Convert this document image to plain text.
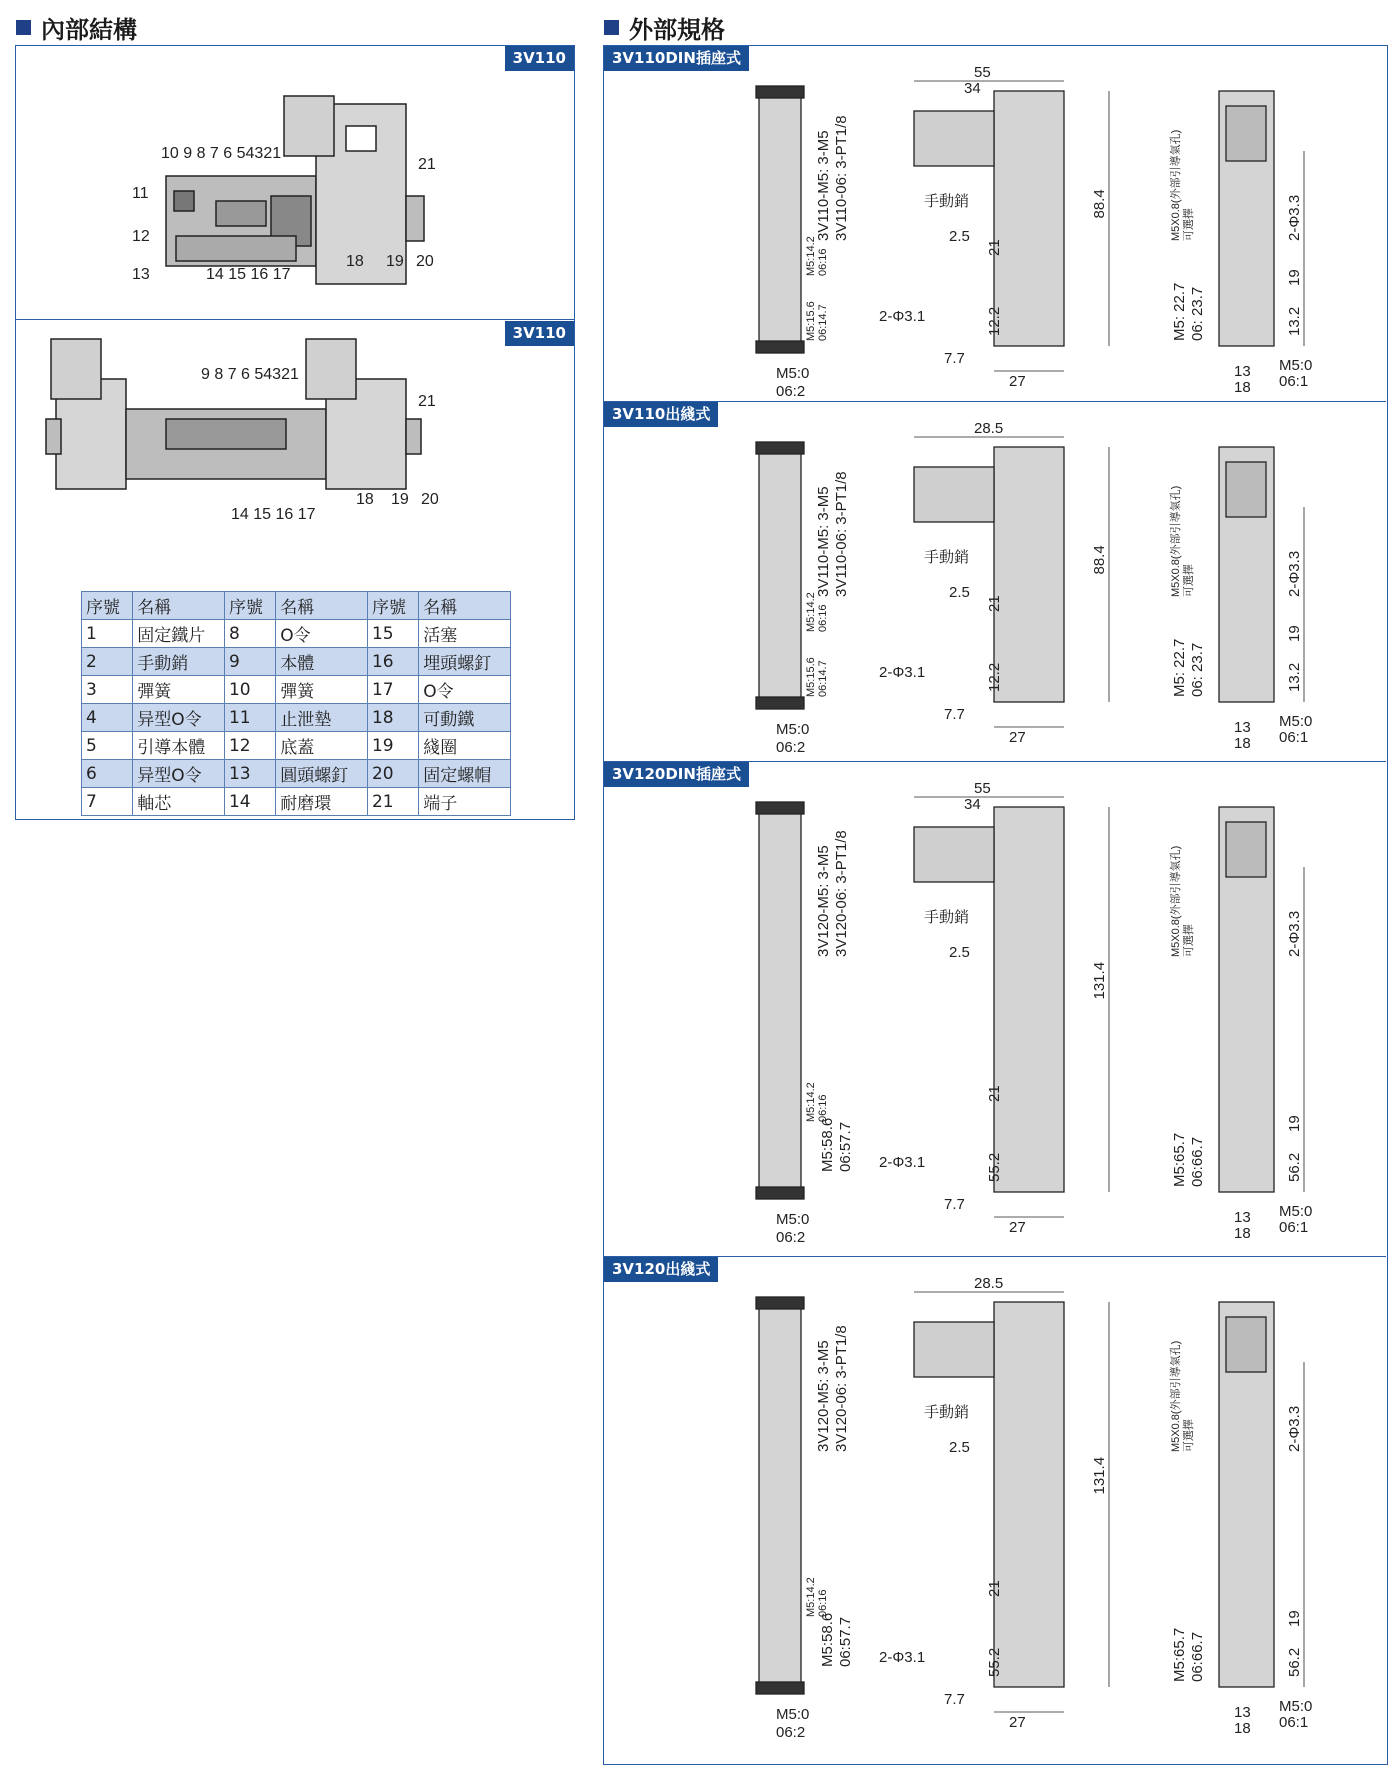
內部結構
3V110
3V110
10 9 8 7 6 54321
11
12
13	14 15 16 17
21
18 19 20
9 8 7 6 54321
14 15 16 17
21
18 19 20
序號	名稱	序號	名稱	序號	名稱
1	固定鐵片	8	O令	15	活塞
2	手動銷	9	本體	16	埋頭螺釘
3	彈簧	10	彈簧	17	O令
4	异型O令	11	止泄墊	18	可動鐵
5	引導本體	12	底蓋	19	綫圈
6	异型O令	13	圓頭螺釘	20	固定螺帽
7	軸芯	14	耐磨環	21	端子
外部規格
3V110DIN插座式
3V110-M5: 3-M5 3V110-06: 3-PT1/8
M5:15.6 06:14.7
M5:14.2 06:16
M5:0
06:2
55
34
88.4
21
12.2
2.5
7.7
27
2-Φ3.1
手動銷	M5X0.8(外部引導氣孔) 可選擇	2-Φ3.3
19
13.2
M5: 22.7 06: 23.7
13
18
M5:0
06:1
3V110出綫式
3V110-M5: 3-M5 3V110-06: 3-PT1/8
M5:15.6 06:14.7
M5:14.2 06:16
M5:0
06:2
28.5
88.4
21
12.2
2.5
7.7
27
2-Φ3.1
手動銷	M5X0.8(外部引導氣孔) 可選擇	2-Φ3.3
19
13.2
M5: 22.7 06: 23.7
13
18
M5:0
06:1
3V120DIN插座式
3V120-M5: 3-M5 3V120-06: 3-PT1/8
M5:14.2 06:16
M5:58.6 06:57.7
M5:0
06:2
55
34
131.4
21
55.2
2.5
7.7
27
2-Φ3.1
手動銷	M5X0.8(外部引導氣孔) 可選擇	2-Φ3.3
19
56.2
M5:65.7 06:66.7
13
18
M5:0
06:1
3V120出綫式
3V120-M5: 3-M5 3V120-06: 3-PT1/8
M5:14.2 06:16
M5:58.6 06:57.7
M5:0
06:2
28.5
131.4
21
55.2
2.5
7.7
27
2-Φ3.1
手動銷	M5X0.8(外部引導氣孔) 可選擇	2-Φ3.3
19
56.2
M5:65.7 06:66.7
13
18
M5:0
06:1
